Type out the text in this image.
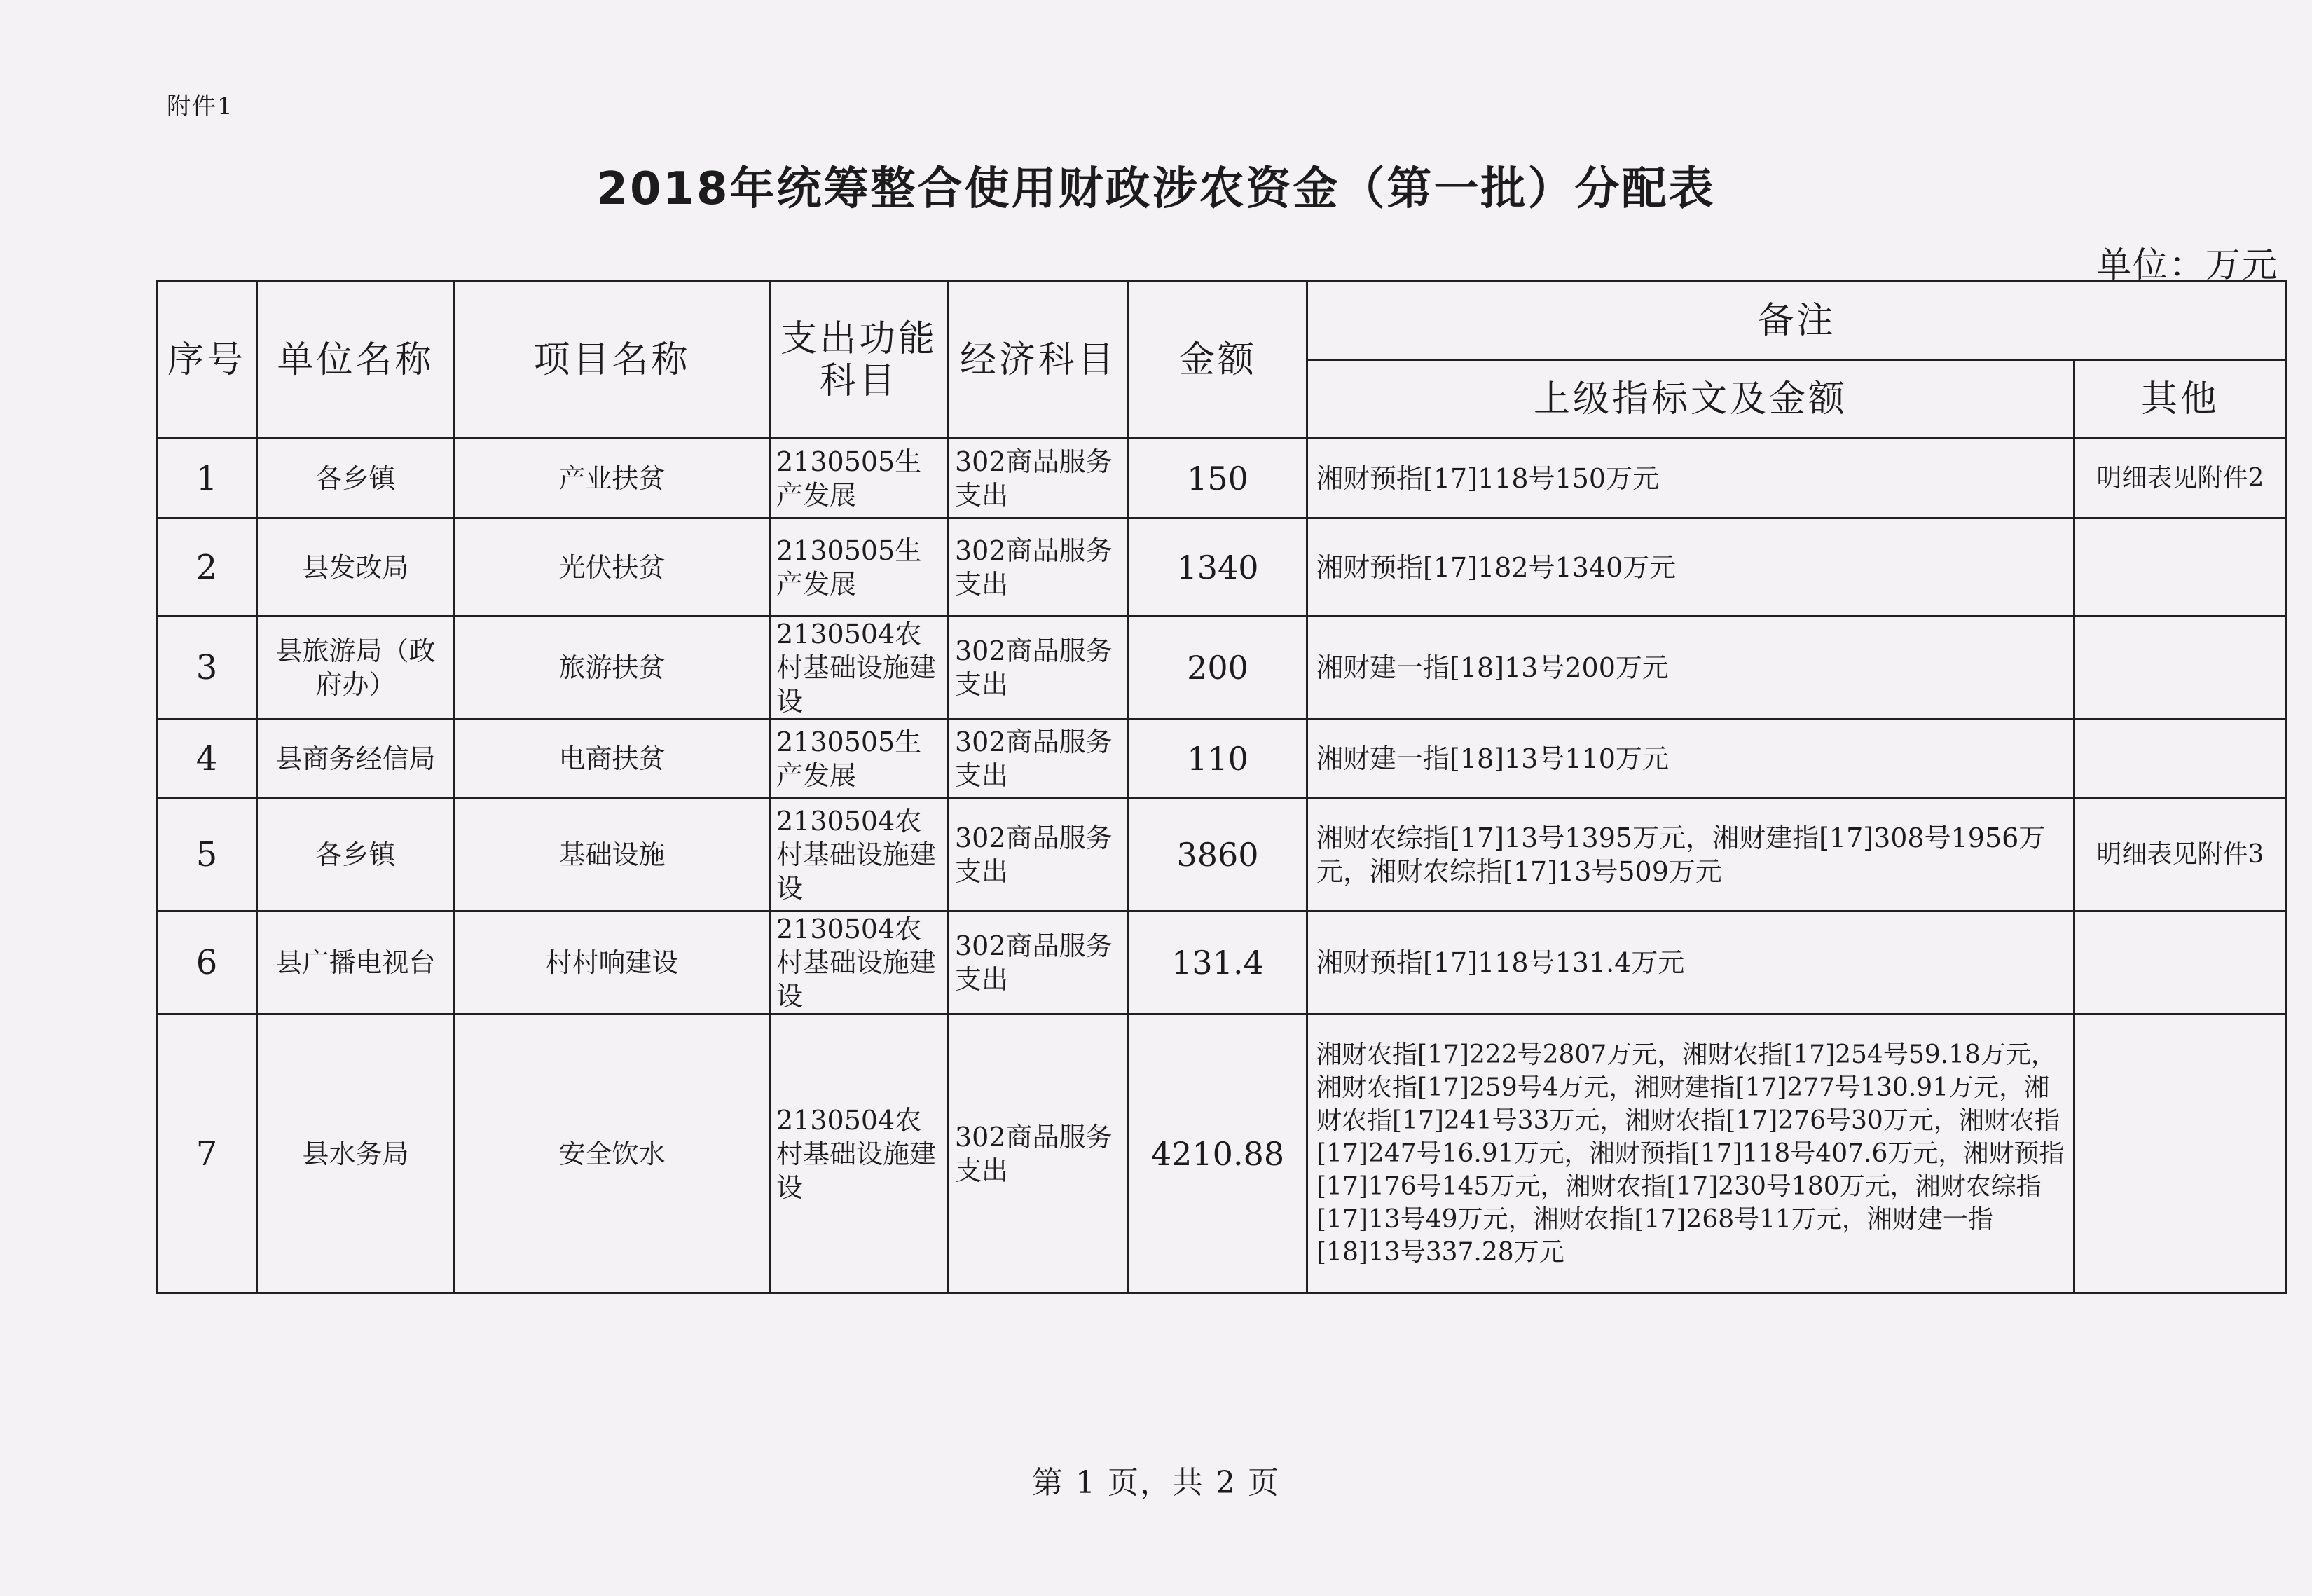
附件1
2018年统筹整合使用财政涉农资金（第一批）分配表
单位：万元
序号	单位名称	项目名称	支出功能科目	经济科目	金额	备注	
						上级指标文及金额	其他
1	各乡镇	产业扶贫	2130505生产发展	302商品服务支出	150	湘财预指[17]118号150万元	明细表见附件2
2	县发改局	光伏扶贫	2130505生产发展	302商品服务支出	1340	湘财预指[17]182号1340万元	
3	县旅游局（政府办）	旅游扶贫	2130504农村基础设施建设	302商品服务支出	200	湘财建一指[18]13号200万元	
4	县商务经信局	电商扶贫	2130505生产发展	302商品服务支出	110	湘财建一指[18]13号110万元	
5	各乡镇	基础设施	2130504农村基础设施建设	302商品服务支出	3860	湘财农综指[17]13号1395万元，湘财建指[17]308号1956万元，湘财农综指[17]13号509万元	明细表见附件3
6	县广播电视台	村村响建设	2130504农村基础设施建设	302商品服务支出	131.4	湘财预指[17]118号131.4万元	
7	县水务局	安全饮水	2130504农村基础设施建设	302商品服务支出	4210.88	湘财农指[17]222号2807万元，湘财农指[17]254号59.18万元，湘财农指[17]259号4万元，湘财建指[17]277号130.91万元，湘财农指[17]241号33万元，湘财农指[17]276号30万元，湘财农指[17]247号16.91万元，湘财预指[17]118号407.6万元，湘财预指[17]176号145万元，湘财农指[17]230号180万元，湘财农综指[17]13号49万元，湘财农指[17]268号11万元，湘财建一指[18]13号337.28万元	
第 1 页，共 2 页
